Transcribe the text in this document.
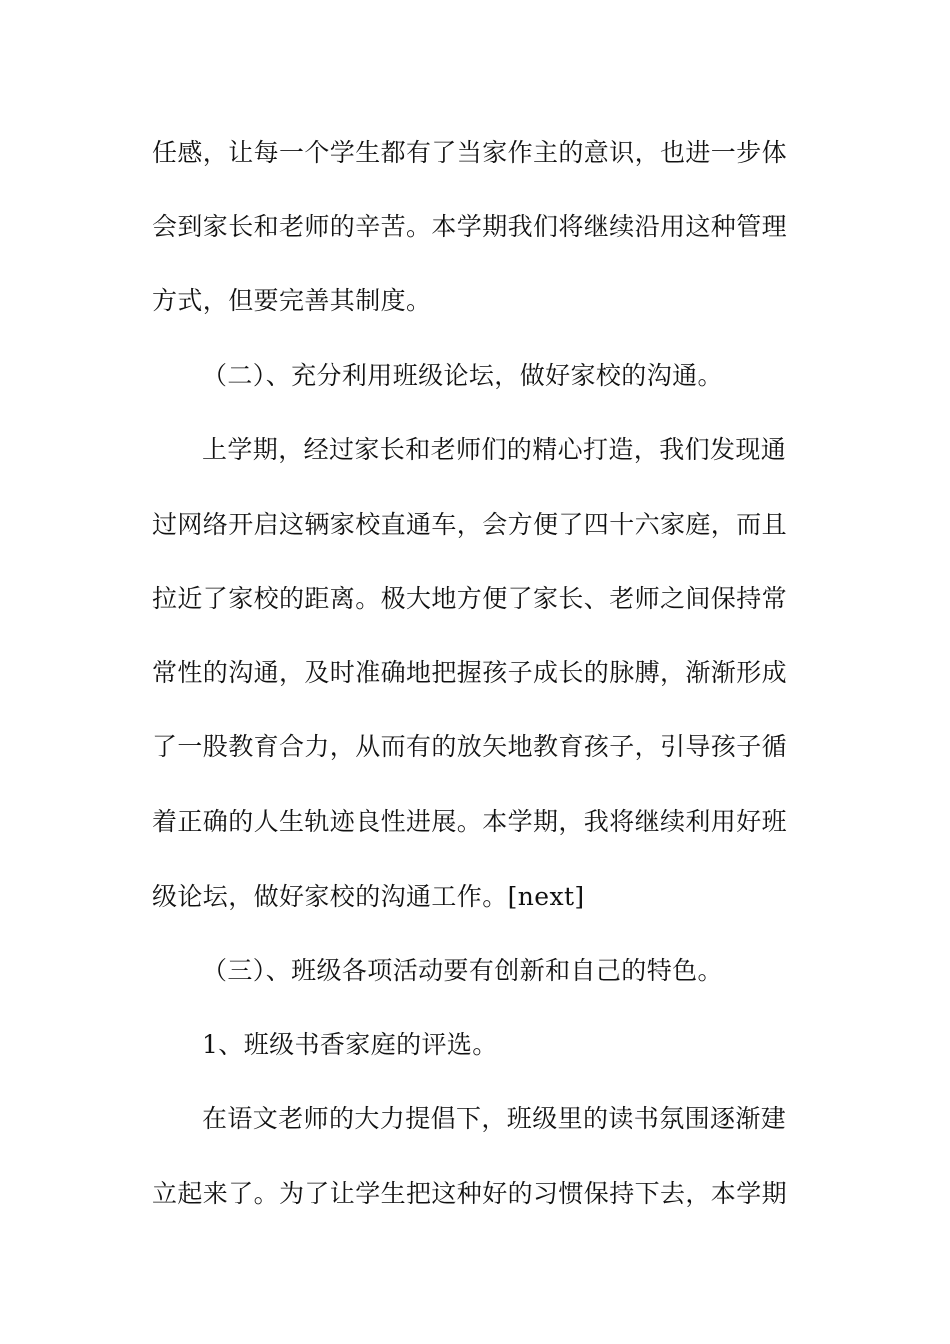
任感，让每一个学生都有了当家作主的意识，也进一步体
会到家长和老师的辛苦。本学期我们将继续沿用这种管理
方式，但要完善其制度。
（二）、充分利用班级论坛，做好家校的沟通。
上学期，经过家长和老师们的精心打造，我们发现通
过网络开启这辆家校直通车，会方便了四十六家庭，而且
拉近了家校的距离。极大地方便了家长、老师之间保持常
常性的沟通，及时准确地把握孩子成长的脉膊，渐渐形成
了一股教育合力，从而有的放矢地教育孩子，引导孩子循
着正确的人生轨迹良性进展。本学期，我将继续利用好班
级论坛，做好家校的沟通工作。[next]
（三）、班级各项活动要有创新和自己的特色。
1、班级书香家庭的评选。
在语文老师的大力提倡下，班级里的读书氛围逐渐建
立起来了。为了让学生把这种好的习惯保持下去，本学期
